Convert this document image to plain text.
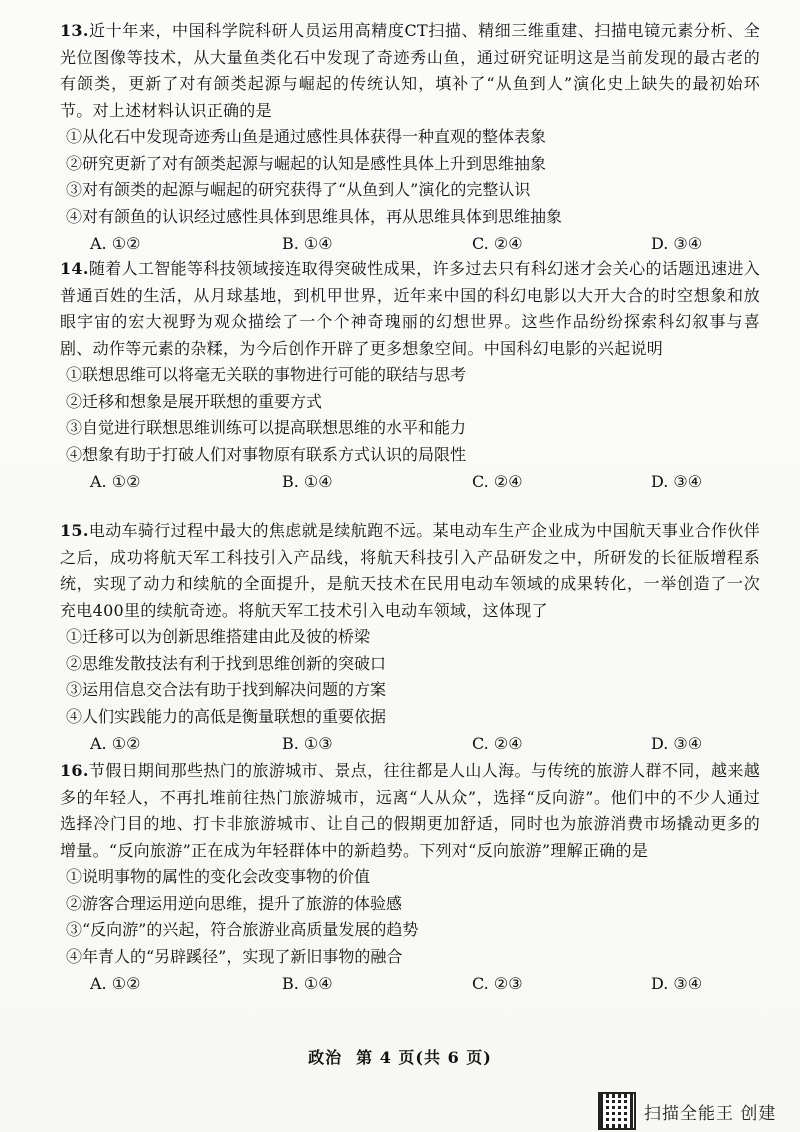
13.近十年来，中国科学院科研人员运用高精度CT扫描、精细三维重建、扫描电镜元素分析、全光位图像等技术，从大量鱼类化石中发现了奇迹秀山鱼，通过研究证明这是当前发现的最古老的有颌类，更新了对有颌类起源与崛起的传统认知，填补了“从鱼到人”演化史上缺失的最初始环节。对上述材料认识正确的是

①从化石中发现奇迹秀山鱼是通过感性具体获得一种直观的整体表象

②研究更新了对有颌类起源与崛起的认知是感性具体上升到思维抽象

③对有颌类的起源与崛起的研究获得了“从鱼到人”演化的完整认识

④对有颌鱼的认识经过感性具体到思维具体，再从思维具体到思维抽象

A. ①②	B. ①④	C. ②④	D. ③④

14.随着人工智能等科技领域接连取得突破性成果，许多过去只有科幻迷才会关心的话题迅速进入普通百姓的生活，从月球基地，到机甲世界，近年来中国的科幻电影以大开大合的时空想象和放眼宇宙的宏大视野为观众描绘了一个个神奇瑰丽的幻想世界。这些作品纷纷探索科幻叙事与喜剧、动作等元素的杂糅，为今后创作开辟了更多想象空间。中国科幻电影的兴起说明

①联想思维可以将毫无关联的事物进行可能的联结与思考

②迁移和想象是展开联想的重要方式

③自觉进行联想思维训练可以提高联想思维的水平和能力

④想象有助于打破人们对事物原有联系方式认识的局限性

A. ①②	B. ①④	C. ②④	D. ③④

15.电动车骑行过程中最大的焦虑就是续航跑不远。某电动车生产企业成为中国航天事业合作伙伴之后，成功将航天军工科技引入产品线，将航天科技引入产品研发之中，所研发的长征版增程系统，实现了动力和续航的全面提升，是航天技术在民用电动车领域的成果转化，一举创造了一次充电400里的续航奇迹。将航天军工技术引入电动车领域，这体现了

①迁移可以为创新思维搭建由此及彼的桥梁

②思维发散技法有利于找到思维创新的突破口

③运用信息交合法有助于找到解决问题的方案

④人们实践能力的高低是衡量联想的重要依据

A. ①②	B. ①③	C. ②④	D. ③④

16.节假日期间那些热门的旅游城市、景点，往往都是人山人海。与传统的旅游人群不同，越来越多的年轻人，不再扎堆前往热门旅游城市，远离“人从众”，选择“反向游”。他们中的不少人通过选择冷门目的地、打卡非旅游城市、让自己的假期更加舒适，同时也为旅游消费市场撬动更多的增量。“反向旅游”正在成为年轻群体中的新趋势。下列对“反向旅游”理解正确的是

①说明事物的属性的变化会改变事物的价值

②游客合理运用逆向思维，提升了旅游的体验感

③“反向游”的兴起，符合旅游业高质量发展的趋势

④年青人的“另辟蹊径”，实现了新旧事物的融合

A. ①②	B. ①④	C. ②③	D. ③④
政治 第 4 页(共 6 页)
扫描全能王 创建
